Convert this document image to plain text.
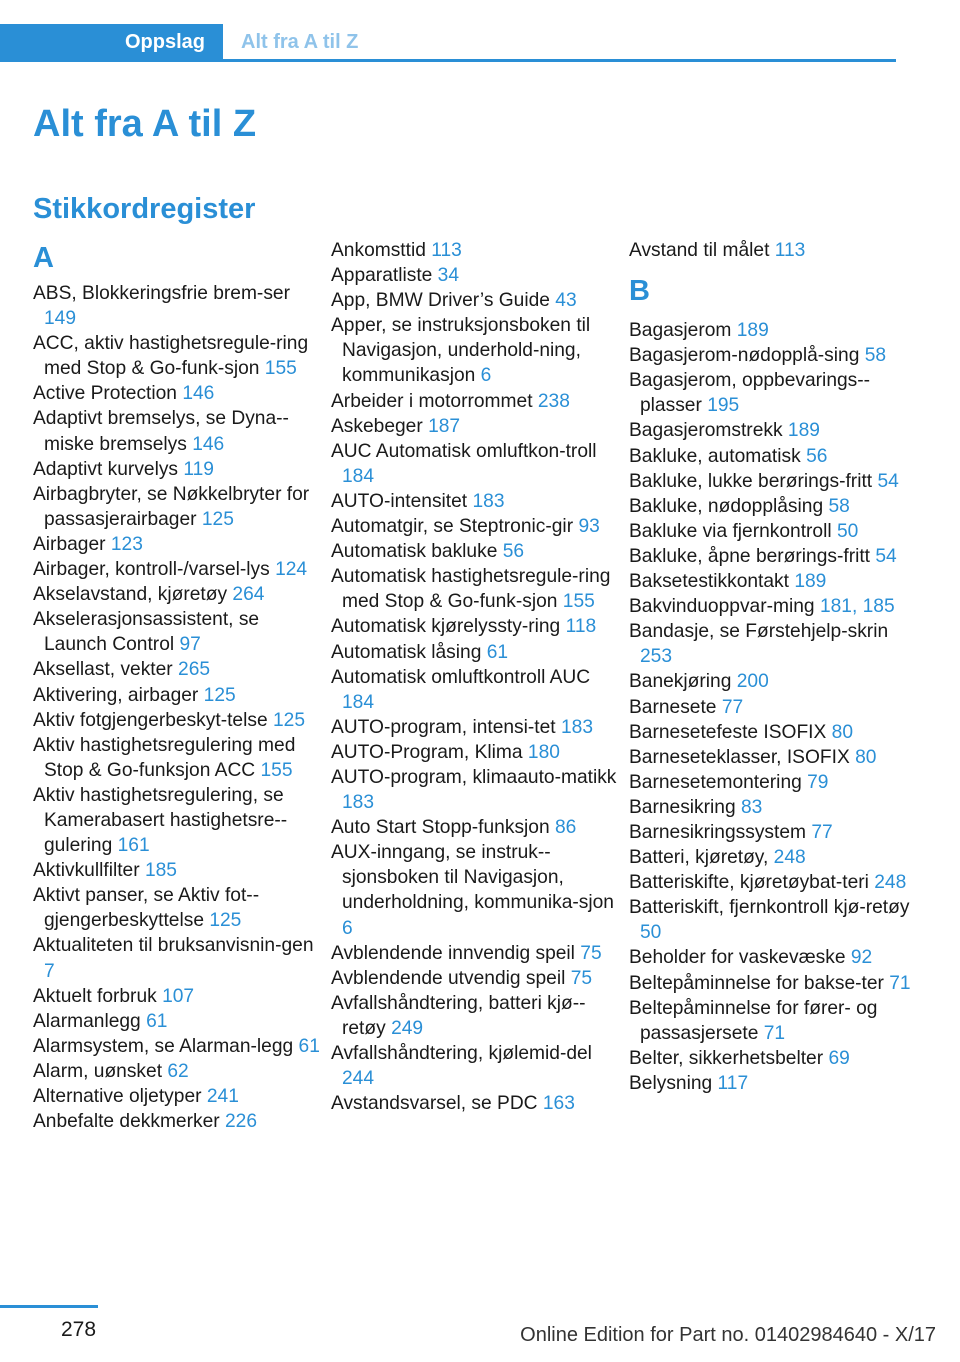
Oppslag Alt fra A til Z
Alt fra A til Z
Stikkordregister
A
ABS, Blokkeringsfrie brem-ser 149
ACC, aktiv hastighetsregule-ring med Stop & Go-funk-sjon 155
Active Protection 146
Adaptivt bremselys, se Dyna-miske bremselys 146
Adaptivt kurvelys 119
Airbagbryter, se Nøkkelbryter for passasjerairbager 125
Airbager 123
Airbager, kontroll-/varsel-lys 124
Akselavstand, kjøretøy 264
Akselerasjonsassistent, se Launch Control 97
Aksellast, vekter 265
Aktivering, airbager 125
Aktiv fotgjengerbeskyt-telse 125
Aktiv hastighetsregulering med Stop & Go-funksjon ACC 155
Aktiv hastighetsregulering, se Kamerabasert hastighetsre-gulering 161
Aktivkullfilter 185
Aktivt panser, se Aktiv fot-gjengerbeskyttelse 125
Aktualiteten til bruksanvisnin-gen 7
Aktuelt forbruk 107
Alarmanlegg 61
Alarmsystem, se Alarman-legg 61
Alarm, uønsket 62
Alternative oljetyper 241
Anbefalte dekkmerker 226
Ankomsttid 113
Apparatliste 34
App, BMW Driver’s Guide 43
Apper, se instruksjonsboken til Navigasjon, underhold-ning, kommunikasjon 6
Arbeider i motorrommet 238
Askebeger 187
AUC Automatisk omluftkon-troll 184
AUTO-intensitet 183
Automatgir, se Steptronic-gir 93
Automatisk bakluke 56
Automatisk hastighetsregule-ring med Stop & Go-funk-sjon 155
Automatisk kjørelyssty-ring 118
Automatisk låsing 61
Automatisk omluftkontroll AUC 184
AUTO-program, intensi-tet 183
AUTO-Program, Klima 180
AUTO-program, klimaauto-matikk 183
Auto Start Stopp-funksjon 86
AUX-inngang, se instruk-sjonsboken til Navigasjon, underholdning, kommunika-sjon 6
Avblendende innvendig speil 75
Avblendende utvendig speil 75
Avfallshåndtering, batteri kjø-retøy 249
Avfallshåndtering, kjølemid-del 244
Avstandsvarsel, se PDC 163
Avstand til målet 113
B
Bagasjerom 189
Bagasjerom-nødopplå-sing 58
Bagasjerom, oppbevarings-plasser 195
Bagasjeromstrekk 189
Bakluke, automatisk 56
Bakluke, lukke berørings-fritt 54
Bakluke, nødopplåsing 58
Bakluke via fjernkontroll 50
Bakluke, åpne berørings-fritt 54
Baksetestikkontakt 189
Bakvinduoppvar-ming 181, 185
Bandasje, se Førstehjelp-skrin 253
Banekjøring 200
Barnesete 77
Barnesetefeste ISOFIX 80
Barneseteklasser, ISOFIX 80
Barnesetemontering 79
Barnesikring 83
Barnesikringssystem 77
Batteri, kjøretøy, 248
Batteriskifte, kjøretøybat-teri 248
Batteriskift, fjernkontroll kjø-retøy 50
Beholder for vaskevæske 92
Beltepåminnelse for bakse-ter 71
Beltepåminnelse for fører- og passasjersete 71
Belter, sikkerhetsbelter 69
Belysning 117
278	Online Edition for Part no. 01402984640 - X/17
